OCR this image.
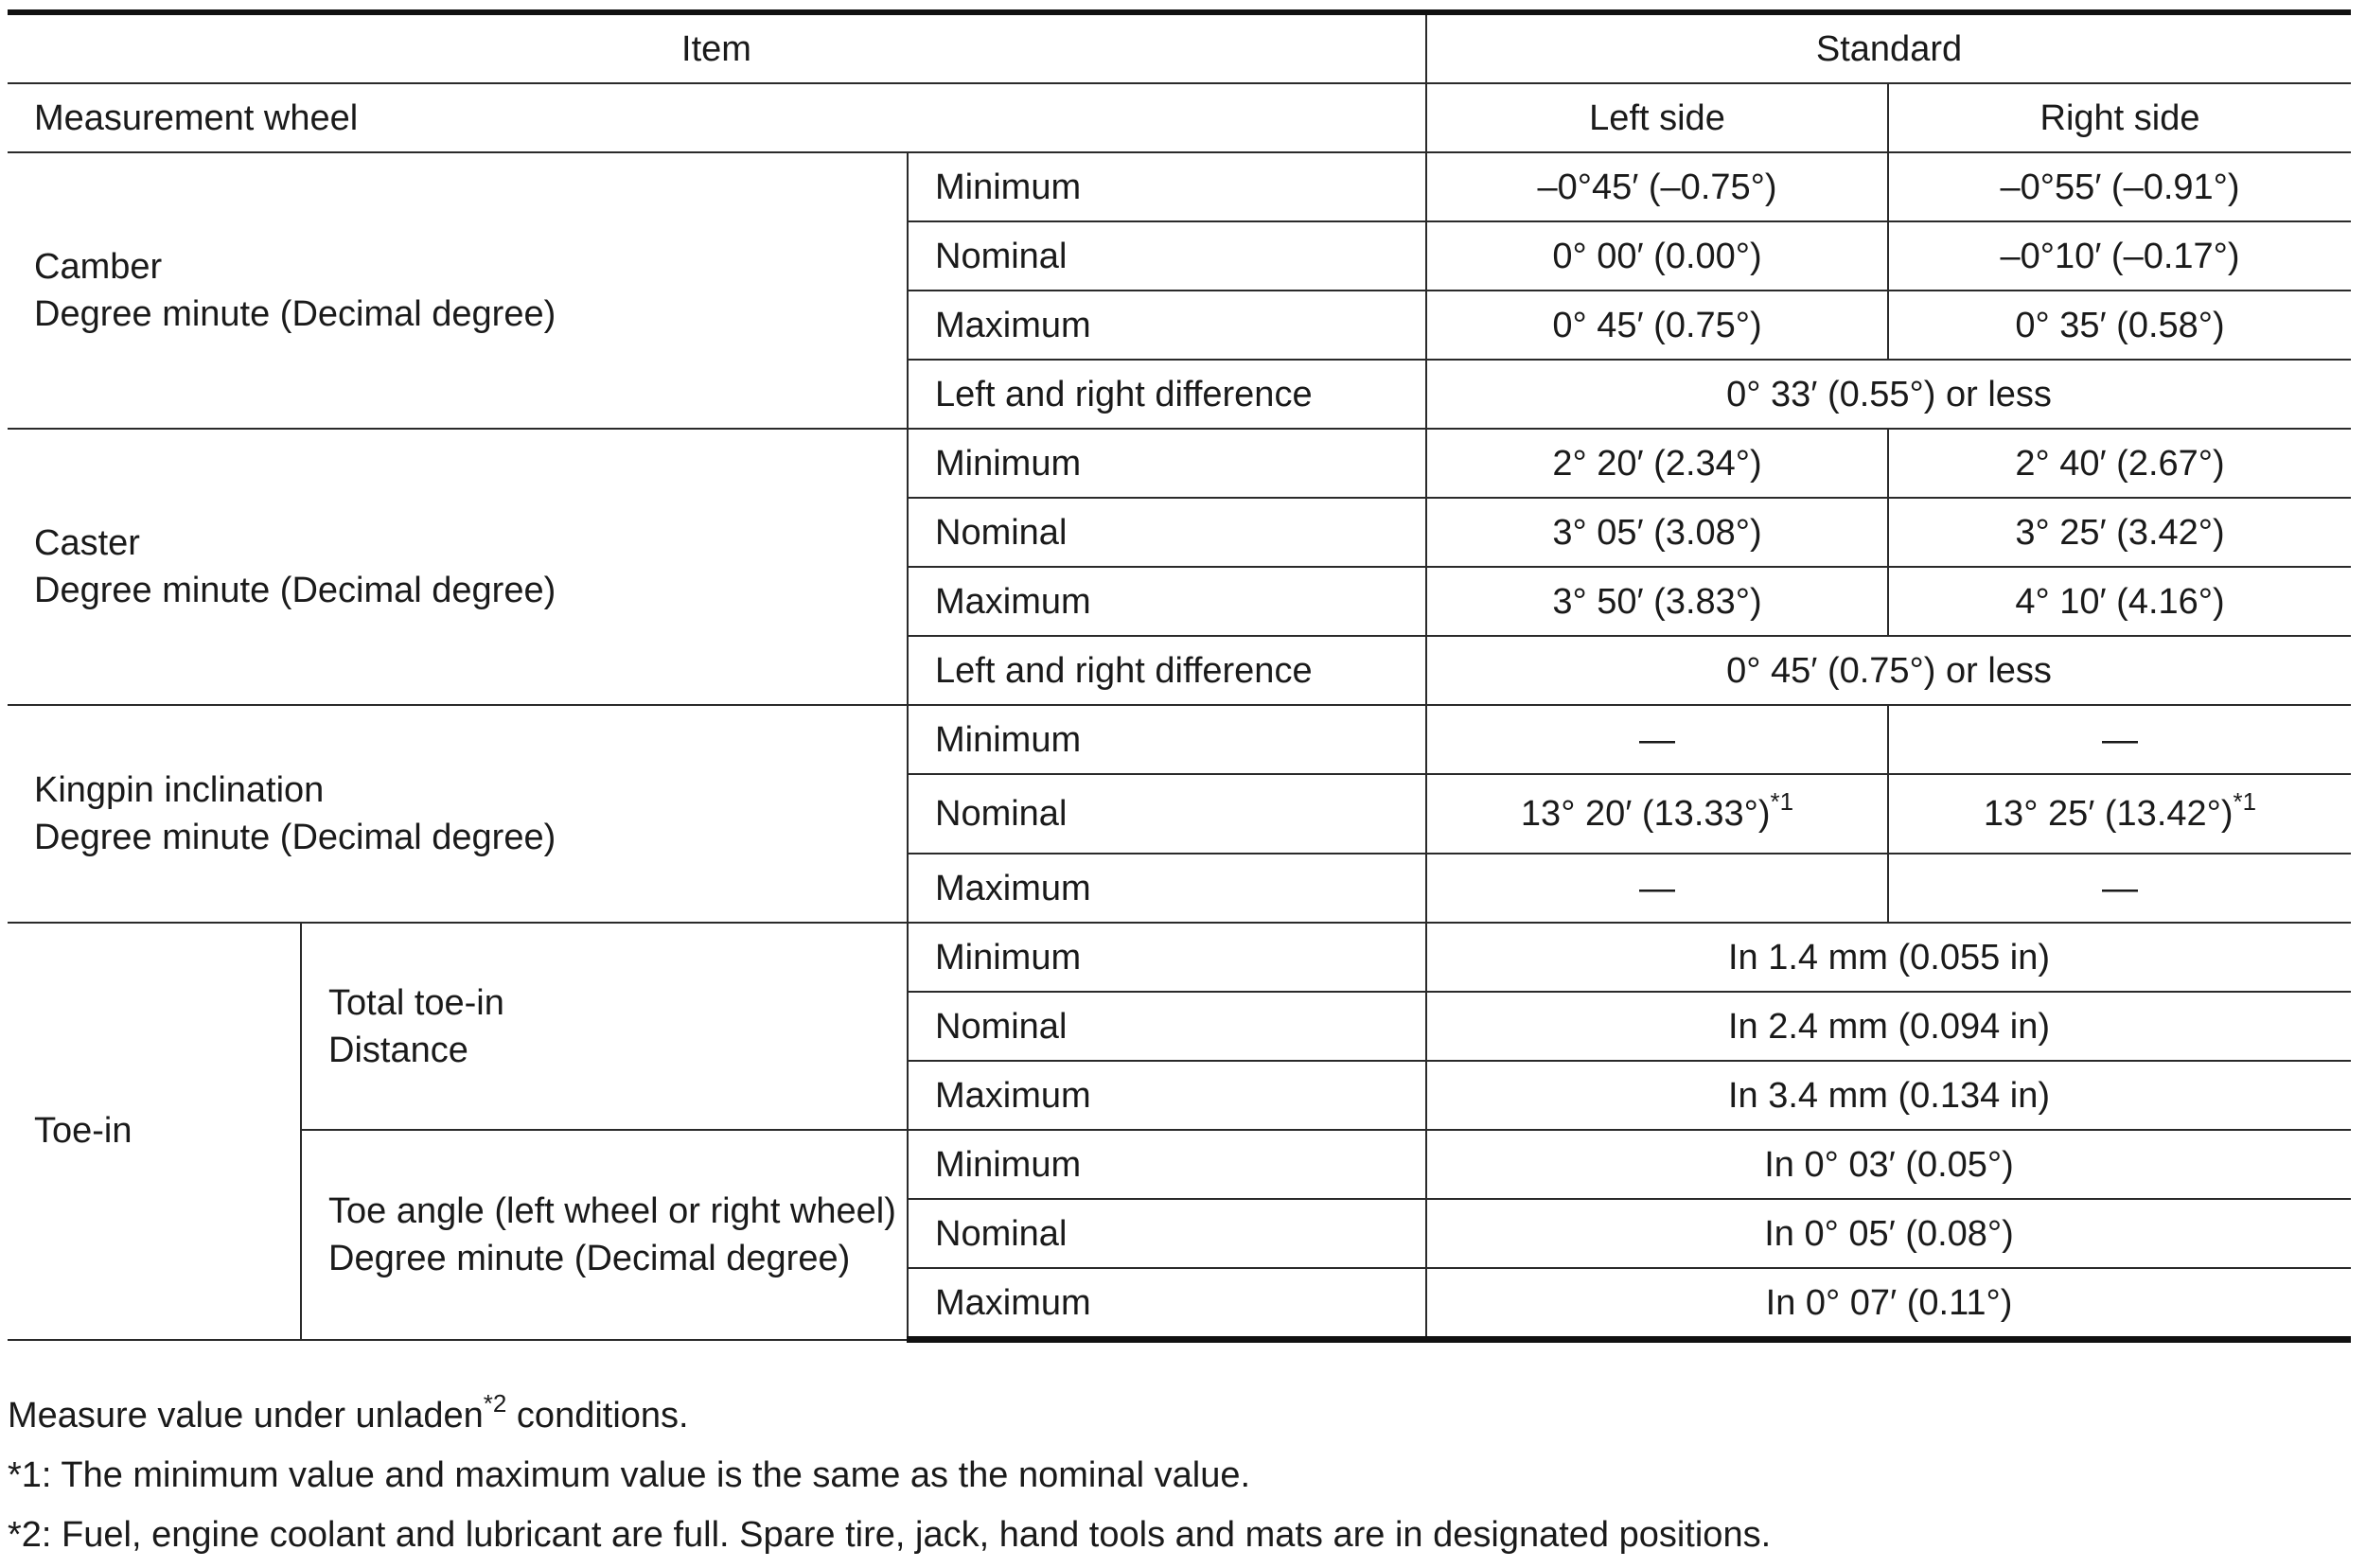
Item			Standard	
Measurement wheel			Left side	Right side

Camber
Degree minute (Decimal degree)		Minimum	–0°45′ (–0.75°)	–0°55′ (–0.91°)
		Nominal	0° 00′ (0.00°)	–0°10′ (–0.17°)
		Maximum	0° 45′ (0.75°)	0° 35′ (0.58°)
		Left and right difference	0° 33′ (0.55°) or less	

Caster
Degree minute (Decimal degree)		Minimum	2° 20′ (2.34°)	2° 40′ (2.67°)
		Nominal	3° 05′ (3.08°)	3° 25′ (3.42°)
		Maximum	3° 50′ (3.83°)	4° 10′ (4.16°)
		Left and right difference	0° 45′ (0.75°) or less	

Kingpin inclination
Degree minute (Decimal degree)		Minimum	—	—
		Nominal	13° 20′ $(13.33^\circ)^{*1}$	13° 25′ $(13.42^\circ)^{*1}$
		Maximum	—	—
Toe-in	Total toe-in
Distance	Minimum	In 1.4 mm (0.055 in)	
		Nominal	In 2.4 mm (0.094 in)	
		Maximum	In 3.4 mm (0.134 in)	

	Toe angle (left wheel or right wheel)
Degree minute (Decimal degree)	Minimum	In 0° 03′ (0.05°)	
		Nominal	In 0° 05′ (0.08°)	
		Maximum	In 0° 07′ (0.11°)	
Measure value under unladen$^{*2}$ conditions.
*1: The minimum value and maximum value is the same as the nominal value.
*2: Fuel, engine coolant and lubricant are full. Spare tire, jack, hand tools and mats are in designated positions.
